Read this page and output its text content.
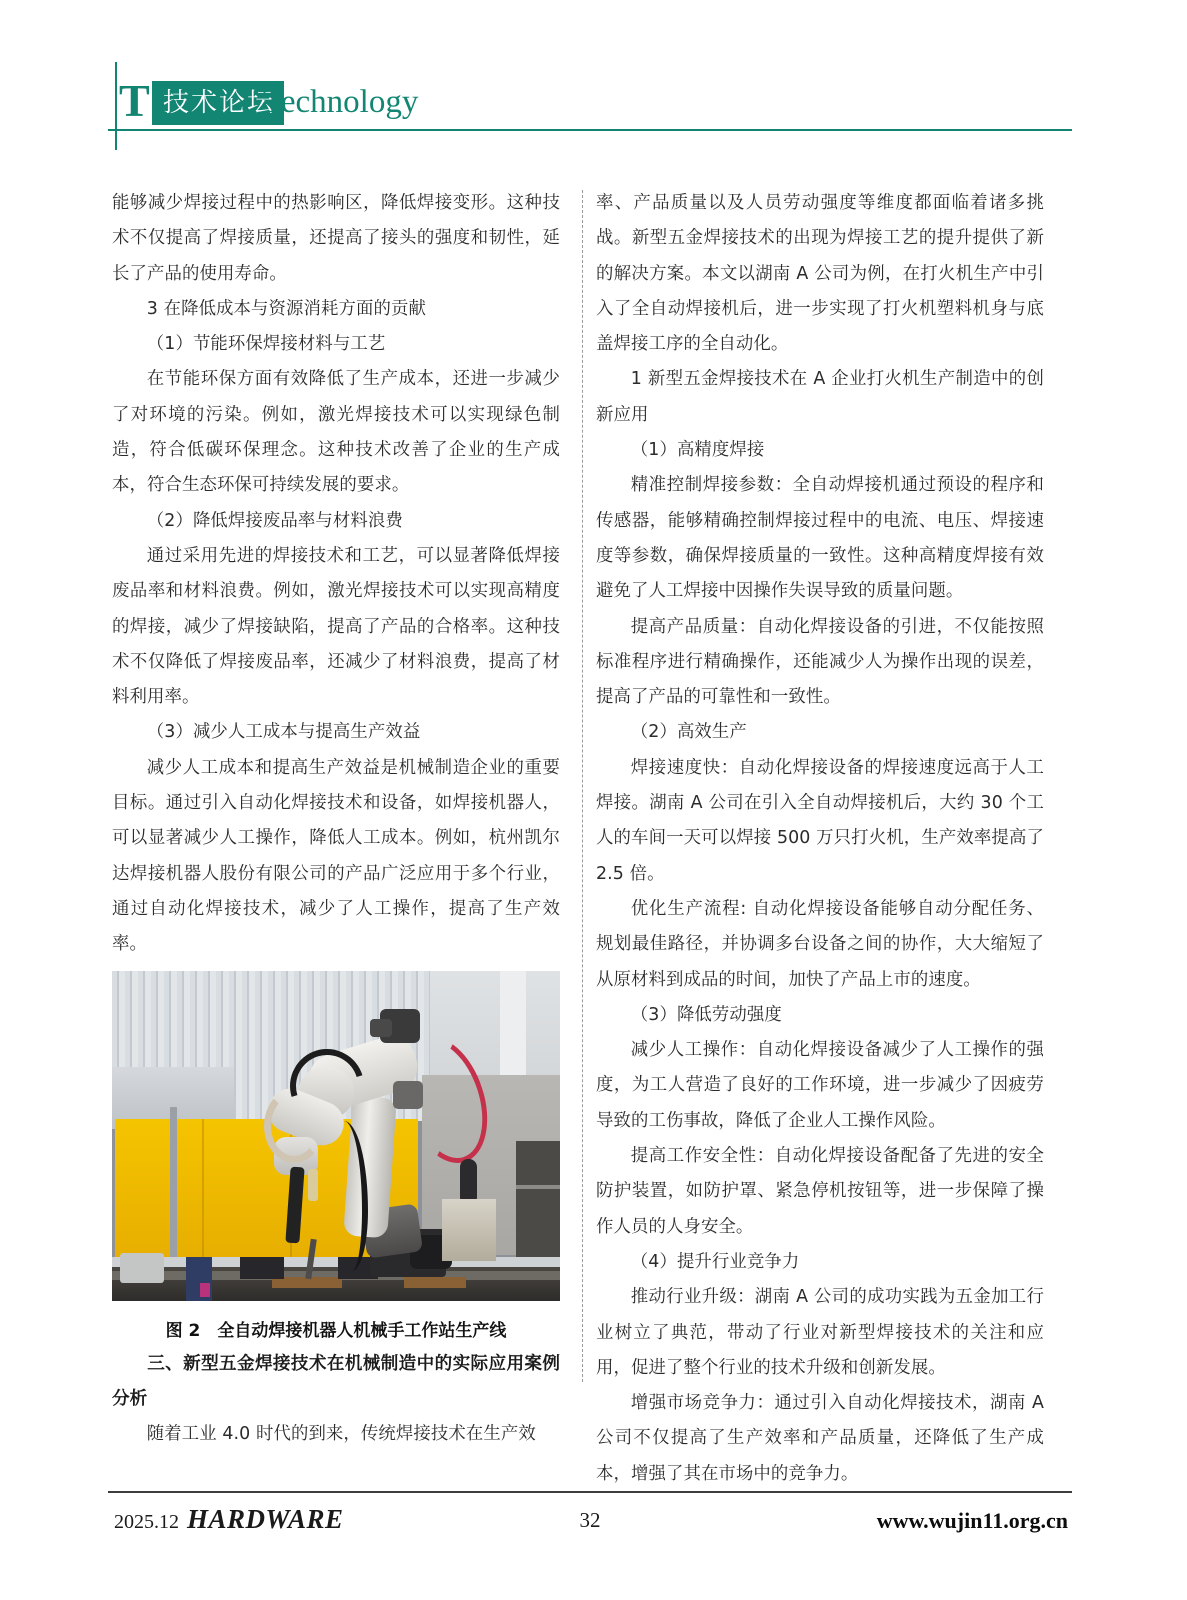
T 技术论坛
Technology

能够减少焊接过程中的热影响区，降低焊接变形。这种技术不仅提高了焊接质量，还提高了接头的强度和韧性，延长了产品的使用寿命。

3 在降低成本与资源消耗方面的贡献

（1）节能环保焊接材料与工艺

在节能环保方面有效降低了生产成本，还进一步减少了对环境的污染。例如，激光焊接技术可以实现绿色制造，符合低碳环保理念。这种技术改善了企业的生产成本，符合生态环保可持续发展的要求。

（2）降低焊接废品率与材料浪费

通过采用先进的焊接技术和工艺，可以显著降低焊接废品率和材料浪费。例如，激光焊接技术可以实现高精度的焊接，减少了焊接缺陷，提高了产品的合格率。这种技术不仅降低了焊接废品率，还减少了材料浪费，提高了材料利用率。

（3）减少人工成本与提高生产效益

减少人工成本和提高生产效益是机械制造企业的重要目标。通过引入自动化焊接技术和设备，如焊接机器人，可以显著减少人工操作，降低人工成本。例如，杭州凯尔达焊接机器人股份有限公司的产品广泛应用于多个行业，通过自动化焊接技术，减少了人工操作，提高了生产效率。

图 2　全自动焊接机器人机械手工作站生产线

三、新型五金焊接技术在机械制造中的实际应用案例分析

随着工业 4.0 时代的到来，传统焊接技术在生产效

率、产品质量以及人员劳动强度等维度都面临着诸多挑战。新型五金焊接技术的出现为焊接工艺的提升提供了新的解决方案。本文以湖南 A 公司为例，在打火机生产中引入了全自动焊接机后，进一步实现了打火机塑料机身与底盖焊接工序的全自动化。

1 新型五金焊接技术在 A 企业打火机生产制造中的创新应用

（1）高精度焊接

精准控制焊接参数：全自动焊接机通过预设的程序和传感器，能够精确控制焊接过程中的电流、电压、焊接速度等参数，确保焊接质量的一致性。这种高精度焊接有效避免了人工焊接中因操作失误导致的质量问题。

提高产品质量：自动化焊接设备的引进，不仅能按照标准程序进行精确操作，还能减少人为操作出现的误差，提高了产品的可靠性和一致性。

（2）高效生产

焊接速度快：自动化焊接设备的焊接速度远高于人工焊接。湖南 A 公司在引入全自动焊接机后，大约 30 个工人的车间一天可以焊接 500 万只打火机，生产效率提高了 2.5 倍。

优化生产流程: 自动化焊接设备能够自动分配任务、规划最佳路径，并协调多台设备之间的协作，大大缩短了从原材料到成品的时间，加快了产品上市的速度。

（3）降低劳动强度

减少人工操作：自动化焊接设备减少了人工操作的强度，为工人营造了良好的工作环境，进一步减少了因疲劳导致的工伤事故，降低了企业人工操作风险。

提高工作安全性：自动化焊接设备配备了先进的安全防护装置，如防护罩、紧急停机按钮等，进一步保障了操作人员的人身安全。

（4）提升行业竞争力

推动行业升级：湖南 A 公司的成功实践为五金加工行业树立了典范，带动了行业对新型焊接技术的关注和应用，促进了整个行业的技术升级和创新发展。

增强市场竞争力：通过引入自动化焊接技术，湖南 A 公司不仅提高了生产效率和产品质量，还降低了生产成本，增强了其在市场中的竞争力。

2025.12 HARDWARE	32	www.wujin11.org.cn
